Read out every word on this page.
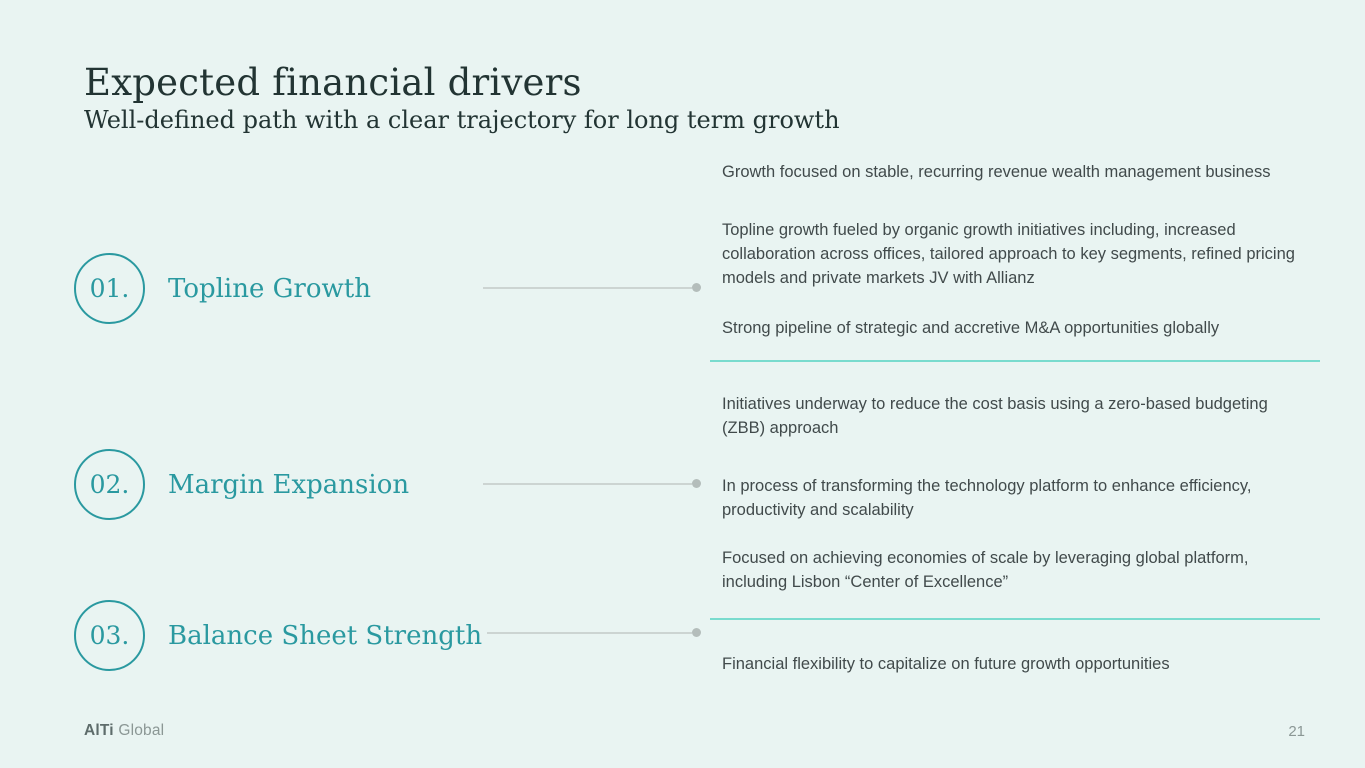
Expected financial drivers
Well-defined path with a clear trajectory for long term growth
01. Topline Growth
02. Margin Expansion
03. Balance Sheet Strength

Growth focused on stable, recurring revenue wealth management business

Topline growth fueled by organic growth initiatives including, increased collaboration across offices, tailored approach to key segments, refined pricing models and private markets JV with Allianz

Strong pipeline of strategic and accretive M&A opportunities globally

Initiatives underway to reduce the cost basis using a zero-based budgeting (ZBB) approach

In process of transforming the technology platform to enhance efficiency, productivity and scalability

Focused on achieving economies of scale by leveraging global platform, including Lisbon “Center of Excellence”

Financial flexibility to capitalize on future growth opportunities

AlTi Global	21
